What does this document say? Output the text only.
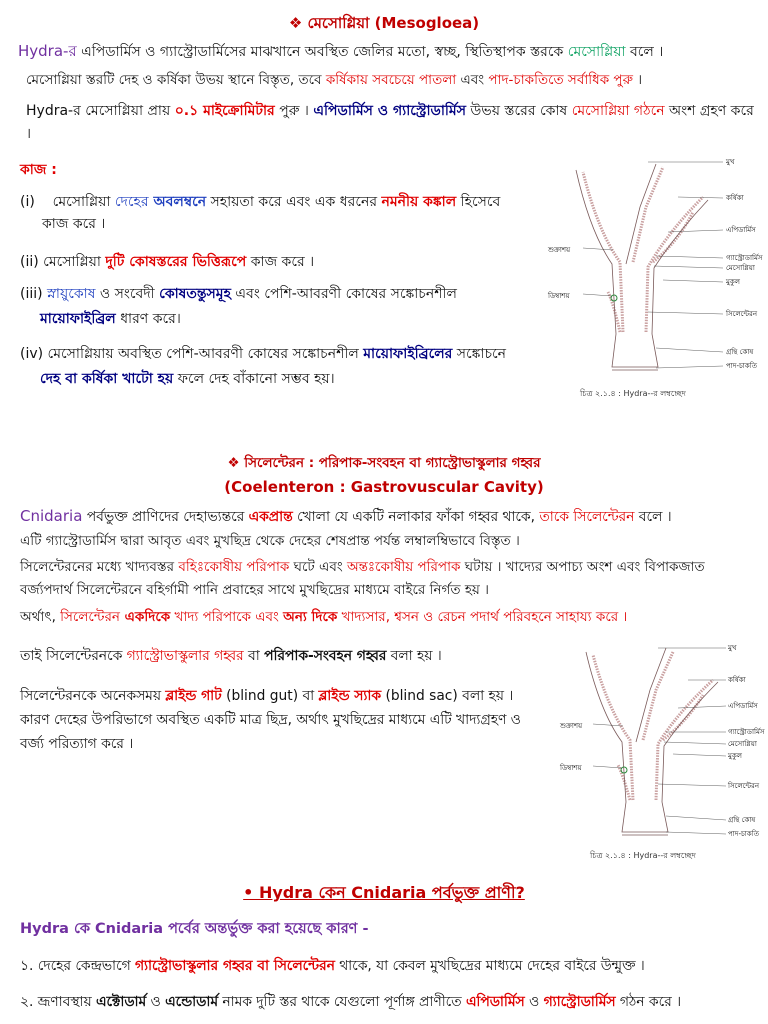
❖ মেসোগ্লিয়া (Mesogloea)
Hydra-র এপিডার্মিস ও গ্যাস্ট্রোডার্মিসের মাঝখানে অবস্থিত জেলির মতো, স্বচ্ছ, স্থিতিস্থাপক স্তরকে মেসোগ্লিয়া বলে ।
মেসোগ্লিয়া স্তরটি দেহ ও কর্ষিকা উভয় স্থানে বিস্তৃত, তবে কর্ষিকায় সবচেয়ে পাতলা এবং পাদ-চাকতিতে সর্বাধিক পুরু ।
Hydra-র মেসোগ্লিয়া প্রায় ০.১ মাইক্রোমিটার পুরু । এপিডার্মিস ও গ্যাস্ট্রোডার্মিস উভয় স্তরের কোষ মেসোগ্লিয়া গঠনে অংশ গ্রহণ করে ।
কাজ :
(i) মেসোগ্লিয়া দেহের অবলম্বনে সহায়তা করে এবং এক ধরনের নমনীয় কঙ্কাল হিসেবে
কাজ করে ।
(ii) মেসোগ্লিয়া দুটি কোষস্তরের ভিত্তিরূপে কাজ করে ।
(iii) স্নায়ুকোষ ও সংবেদী কোষতন্তুসমূহ এবং পেশি-আবরণী কোষের সঙ্কোচনশীল
মায়োফাইব্রিল ধারণ করে।
(iv) মেসোগ্লিয়ায় অবস্থিত পেশি-আবরণী কোষের সঙ্কোচনশীল মায়োফাইব্রিলের সঙ্কোচনে
দেহ বা কর্ষিকা খাটো হয় ফলে দেহ বাঁকানো সম্ভব হয়।
মুখ
কর্ষিকা
এপিডার্মিস
গ্যাস্ট্রোডার্মিস
মেসোগ্লিয়া
মুকুল
সিলেন্টেরন
গ্রন্থি কোষ
পাদ-চাকতি
শুক্রাশয়
ডিম্বাশয়
চিত্র ২.১.৪ : Hydra--র লম্বচ্ছেদ
❖ সিলেন্টেরন : পরিপাক-সংবহন বা গ্যাস্ট্রোভাস্কুলার গহ্বর
(Coelenteron : Gastrovuscular Cavity)
Cnidaria পর্বভুক্ত প্রাণিদের দেহাভ্যন্তরে একপ্রান্ত খোলা যে একটি নলাকার ফাঁকা গহ্বর থাকে, তাকে সিলেন্টেরন বলে ।
এটি গ্যাস্ট্রোডার্মিস দ্বারা আবৃত এবং মুখছিদ্র থেকে দেহের শেষপ্রান্ত পর্যন্ত লম্বালম্বিভাবে বিস্তৃত ।
সিলেন্টেরনের মধ্যে খাদ্যবস্তর বহিঃকোষীয় পরিপাক ঘটে এবং অন্তঃকোষীয় পরিপাক ঘটায় । খাদ্যের অপাচ্য অংশ এবং বিপাকজাত বর্জ্যপদার্থ সিলেন্টেরনে বহির্গামী পানি প্রবাহের সাথে মুখছিদ্রের মাধ্যমে বাইরে নির্গত হয় ।
অর্থাৎ, সিলেন্টেরন একদিকে খাদ্য পরিপাকে এবং অন্য দিকে খাদ্যসার, শ্বসন ও রেচন পদার্থ পরিবহনে সাহায্য করে ।
তাই সিলেন্টেরনকে গ্যাস্ট্রোভাস্কুলার গহ্বর বা পরিপাক-সংবহন গহ্বর বলা হয় ।
সিলেন্টেরনকে অনেকসময় ব্লাইন্ড গাট (blind gut) বা ব্লাইন্ড স্যাক (blind sac) বলা হয় ।
কারণ দেহের উপরিভাগে অবস্থিত একটি মাত্র ছিদ্র, অর্থাৎ মুখছিদ্রের মাধ্যমে এটি খাদ্যগ্রহণ ও
বর্জ্য পরিত্যাগ করে ।
মুখ
কর্ষিকা
এপিডার্মিস
গ্যাস্ট্রোডার্মিস
মেসোগ্লিয়া
মুকুল
সিলেন্টেরন
গ্রন্থি কোষ
পাদ-চাকতি
শুক্রাশয়
ডিম্বাশয়
চিত্র ২.১.৪ : Hydra--র লম্বচ্ছেদ
• Hydra কেন Cnidaria পর্বভুক্ত প্রাণী?
Hydra কে Cnidaria পর্বের অন্তর্ভুক্ত করা হয়েছে কারণ -
১. দেহের কেন্দ্রভাগে গ্যাস্ট্রোভাস্কুলার গহ্বর বা সিলেন্টেরন থাকে, যা কেবল মুখছিদ্রের মাধ্যমে দেহের বাইরে উন্মুক্ত ।
২. ভ্রূণাবস্থায় এক্টোডার্ম ও এন্ডোডার্ম নামক দুটি স্তর থাকে যেগুলো পূর্ণাঙ্গ প্রাণীতে এপিডার্মিস ও গ্যাস্ট্রোডার্মিস গঠন করে ।
